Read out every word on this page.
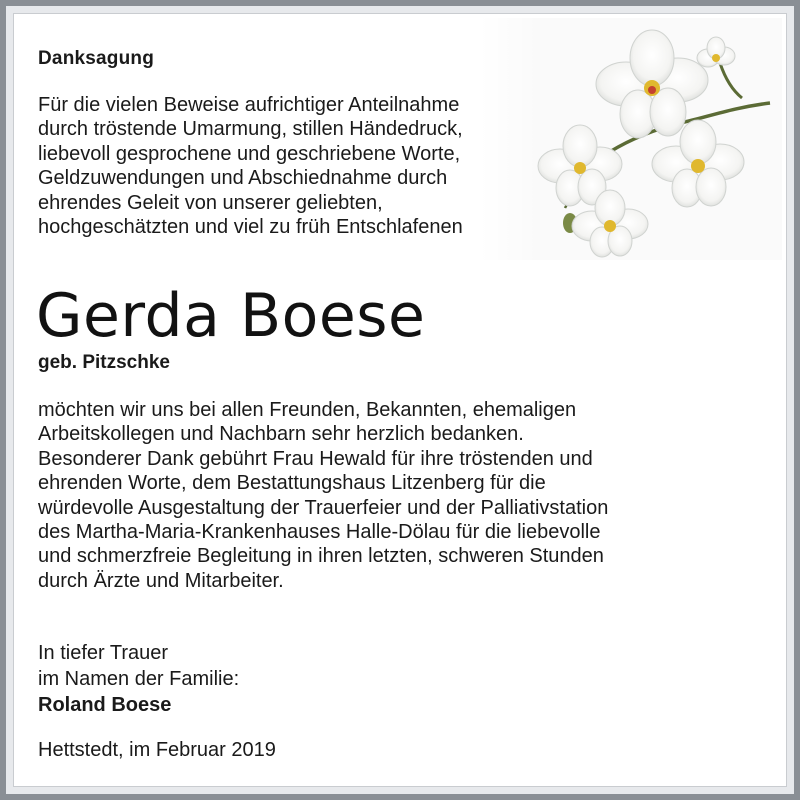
Danksagung
Für die vielen Beweise aufrichtiger Anteilnahme
durch tröstende Umarmung, stillen Händedruck,
liebevoll gesprochene und geschriebene Worte,
Geldzuwendungen und Abschiednahme durch
ehrendes Geleit von unserer geliebten,
hochgeschätzten und viel zu früh Entschlafenen
Gerda Boese
geb. Pitzschke
möchten wir uns bei allen Freunden, Bekannten, ehemaligen
Arbeitskollegen und Nachbarn sehr herzlich bedanken.
Besonderer Dank gebührt Frau Hewald für ihre tröstenden und
ehrenden Worte, dem Bestattungshaus Litzenberg für die
würdevolle Ausgestaltung der Trauerfeier und der Palliativstation
des Martha-Maria-Krankenhauses Halle-Dölau für die liebevolle
und schmerzfreie Begleitung in ihren letzten, schweren Stunden
durch Ärzte und Mitarbeiter.
In tiefer Trauer
im Namen der Familie:
Roland Boese
Hettstedt, im Februar 2019
